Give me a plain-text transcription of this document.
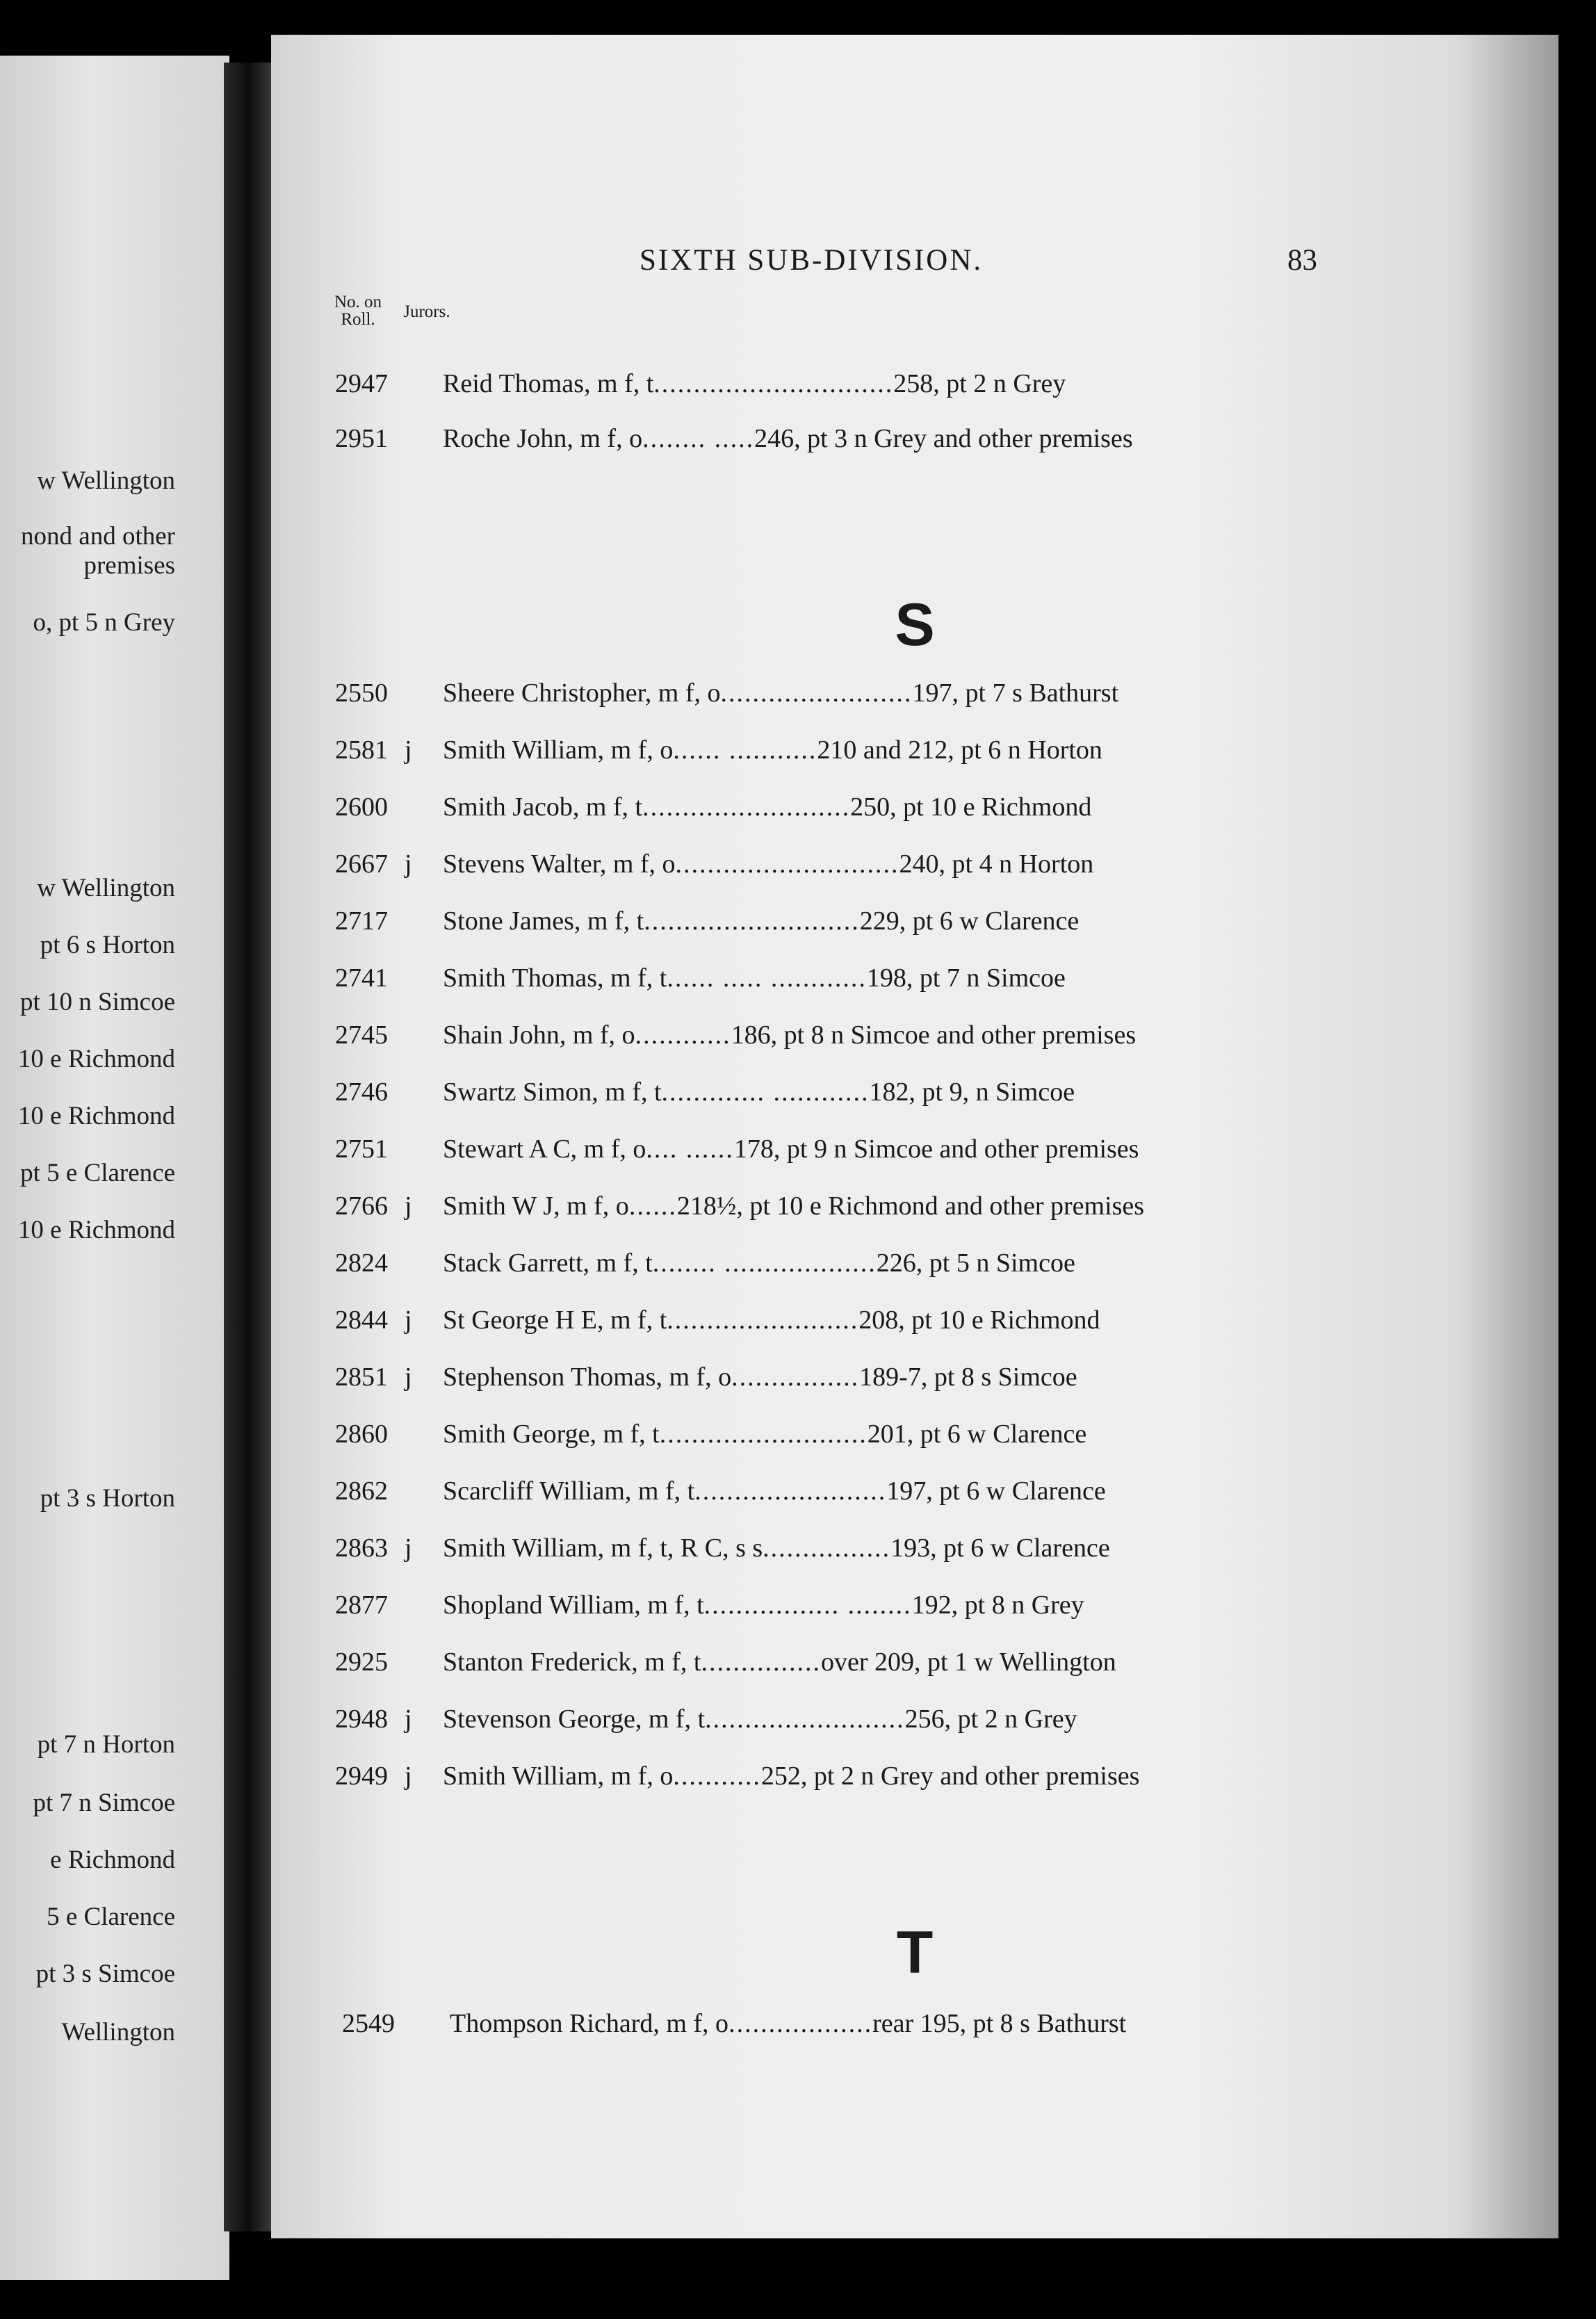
w Wellington
nond and other
premises
o, pt 5 n Grey
w Wellington
pt 6 s Horton
pt 10 n Simcoe
10 e Richmond
10 e Richmond
pt 5 e Clarence
10 e Richmond
pt 3 s Horton
pt 7 n Horton
pt 7 n Simcoe
e Richmond
5 e Clarence
pt 3 s Simcoe
Wellington
SIXTH SUB-DIVISION.	83
No. on
Roll. Jurors.
2947	Reid Thomas, m f, t..............................258, pt 2 n Grey
2951	Roche John, m f, o........ .....246, pt 3 n Grey and other premises
S
2550	Sheere Christopher, m f, o........................197, pt 7 s Bathurst
2581 j	Smith William, m f, o...... ...........210 and 212, pt 6 n Horton
2600	Smith Jacob, m f, t..........................250, pt 10 e Richmond
2667 j	Stevens Walter, m f, o............................240, pt 4 n Horton
2717	Stone James, m f, t...........................229, pt 6 w Clarence
2741	Smith Thomas, m f, t...... ..... ............198, pt 7 n Simcoe
2745	Shain John, m f, o............186, pt 8 n Simcoe and other premises
2746	Swartz Simon, m f, t............. ............182, pt 9, n Simcoe
2751	Stewart A C, m f, o.... ......178, pt 9 n Simcoe and other premises
2766 j	Smith W J, m f, o......218½, pt 10 e Richmond and other premises
2824	Stack Garrett, m f, t........ ...................226, pt 5 n Simcoe
2844 j	St George H E, m f, t........................208, pt 10 e Richmond
2851 j	Stephenson Thomas, m f, o................189-7, pt 8 s Simcoe
2860	Smith George, m f, t..........................201, pt 6 w Clarence
2862	Scarcliff William, m f, t........................197, pt 6 w Clarence
2863 j	Smith William, m f, t, R C, s s................193, pt 6 w Clarence
2877	Shopland William, m f, t................. ........192, pt 8 n Grey
2925	Stanton Frederick, m f, t...............over 209, pt 1 w Wellington
2948 j	Stevenson George, m f, t.........................256, pt 2 n Grey
2949 j	Smith William, m f, o...........252, pt 2 n Grey and other premises
T
2549	Thompson Richard, m f, o..................rear 195, pt 8 s Bathurst
